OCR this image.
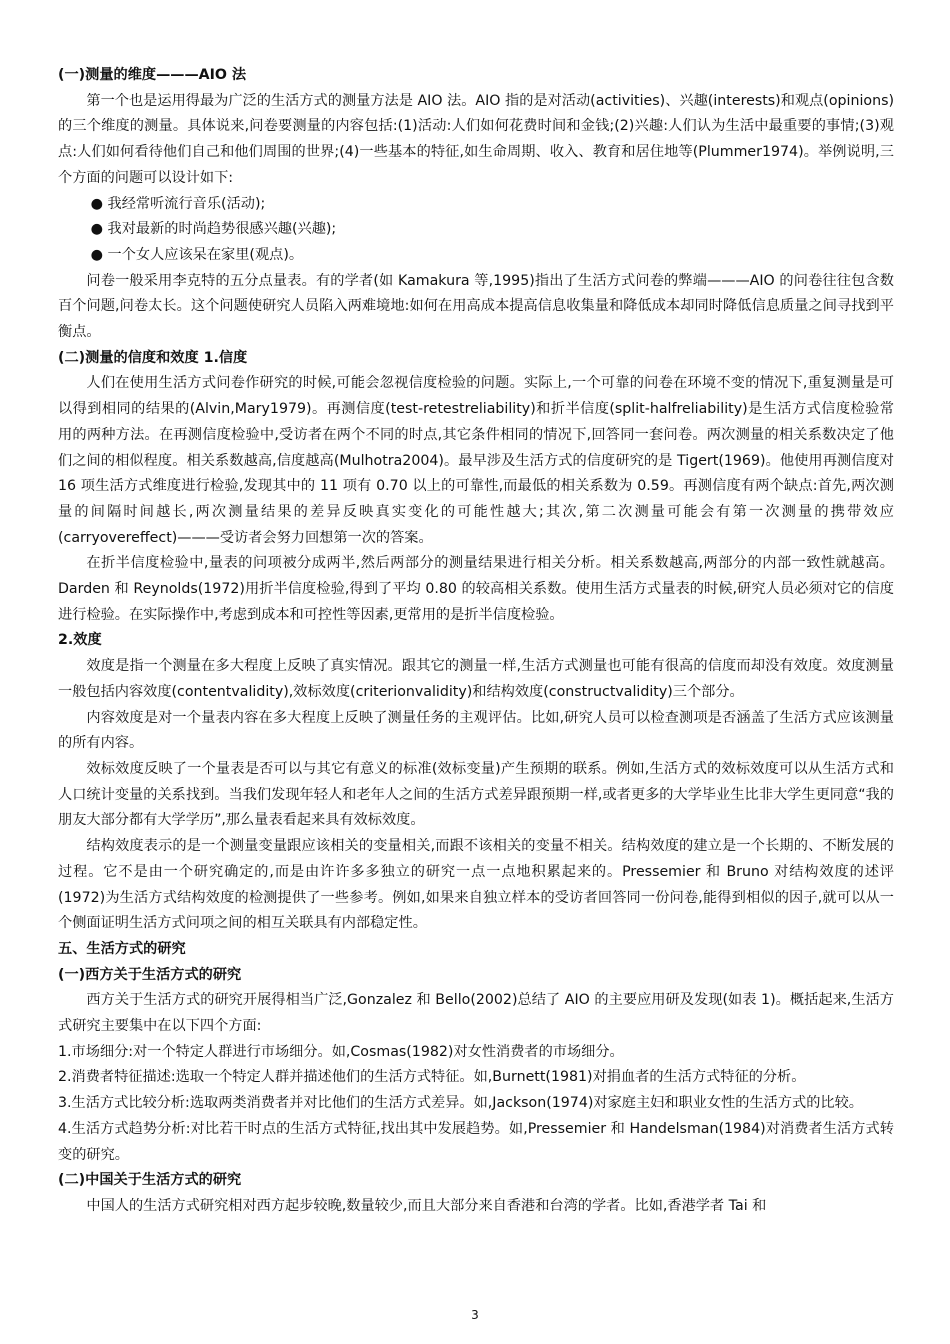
(一)测量的维度———AIO 法

第一个也是运用得最为广泛的生活方式的测量方法是 AIO 法。AIO 指的是对活动(activities)、兴趣(interests)和观点(opinions)的三个维度的测量。具体说来,问卷要测量的内容包括:(1)活动:人们如何花费时间和金钱;(2)兴趣:人们认为生活中最重要的事情;(3)观点:人们如何看待他们自己和他们周围的世界;(4)一些基本的特征,如生命周期、收入、教育和居住地等(Plummer1974)。举例说明,三个方面的问题可以设计如下:

● 我经常听流行音乐(活动);

● 我对最新的时尚趋势很感兴趣(兴趣);

● 一个女人应该呆在家里(观点)。

问卷一般采用李克特的五分点量表。有的学者(如 Kamakura 等,1995)指出了生活方式问卷的弊端———AIO 的问卷往往包含数百个问题,问卷太长。这个问题使研究人员陷入两难境地:如何在用高成本提高信息收集量和降低成本却同时降低信息质量之间寻找到平衡点。

(二)测量的信度和效度 1.信度

人们在使用生活方式问卷作研究的时候,可能会忽视信度检验的问题。实际上,一个可靠的问卷在环境不变的情况下,重复测量是可以得到相同的结果的(Alvin,Mary1979)。再测信度(test-retestreliability)和折半信度(split-halfreliability)是生活方式信度检验常用的两种方法。在再测信度检验中,受访者在两个不同的时点,其它条件相同的情况下,回答同一套问卷。两次测量的相关系数决定了他们之间的相似程度。相关系数越高,信度越高(Mulhotra2004)。最早涉及生活方式的信度研究的是 Tigert(1969)。他使用再测信度对 16 项生活方式维度进行检验,发现其中的 11 项有 0.70 以上的可靠性,而最低的相关系数为 0.59。再测信度有两个缺点:首先,两次测量的间隔时间越长,两次测量结果的差异反映真实变化的可能性越大;其次,第二次测量可能会有第一次测量的携带效应(carryovereffect)———受访者会努力回想第一次的答案。

在折半信度检验中,量表的问项被分成两半,然后两部分的测量结果进行相关分析。相关系数越高,两部分的内部一致性就越高。Darden 和 Reynolds(1972)用折半信度检验,得到了平均 0.80 的较高相关系数。使用生活方式量表的时候,研究人员必须对它的信度进行检验。在实际操作中,考虑到成本和可控性等因素,更常用的是折半信度检验。

2.效度

效度是指一个测量在多大程度上反映了真实情况。跟其它的测量一样,生活方式测量也可能有很高的信度而却没有效度。效度测量一般包括内容效度(contentvalidity),效标效度(criterionvalidity)和结构效度(constructvalidity)三个部分。

内容效度是对一个量表内容在多大程度上反映了测量任务的主观评估。比如,研究人员可以检查测项是否涵盖了生活方式应该测量的所有内容。

效标效度反映了一个量表是否可以与其它有意义的标准(效标变量)产生预期的联系。例如,生活方式的效标效度可以从生活方式和人口统计变量的关系找到。当我们发现年轻人和老年人之间的生活方式差异跟预期一样,或者更多的大学毕业生比非大学生更同意“我的朋友大部分都有大学学历”,那么量表看起来具有效标效度。

结构效度表示的是一个测量变量跟应该相关的变量相关,而跟不该相关的变量不相关。结构效度的建立是一个长期的、不断发展的过程。它不是由一个研究确定的,而是由许许多多独立的研究一点一点地积累起来的。Pressemier 和 Bruno 对结构效度的述评(1972)为生活方式结构效度的检测提供了一些参考。例如,如果来自独立样本的受访者回答同一份问卷,能得到相似的因子,就可以从一个侧面证明生活方式问项之间的相互关联具有内部稳定性。

五、生活方式的研究

(一)西方关于生活方式的研究

西方关于生活方式的研究开展得相当广泛,Gonzalez 和 Bello(2002)总结了 AIO 的主要应用研及发现(如表 1)。概括起来,生活方式研究主要集中在以下四个方面:

1.市场细分:对一个特定人群进行市场细分。如,Cosmas(1982)对女性消费者的市场细分。

2.消费者特征描述:选取一个特定人群并描述他们的生活方式特征。如,Burnett(1981)对捐血者的生活方式特征的分析。

3.生活方式比较分析:选取两类消费者并对比他们的生活方式差异。如,Jackson(1974)对家庭主妇和职业女性的生活方式的比较。

4.生活方式趋势分析:对比若干时点的生活方式特征,找出其中发展趋势。如,Pressemier 和 Handelsman(1984)对消费者生活方式转变的研究。

(二)中国关于生活方式的研究

中国人的生活方式研究相对西方起步较晚,数量较少,而且大部分来自香港和台湾的学者。比如,香港学者 Tai 和

3
